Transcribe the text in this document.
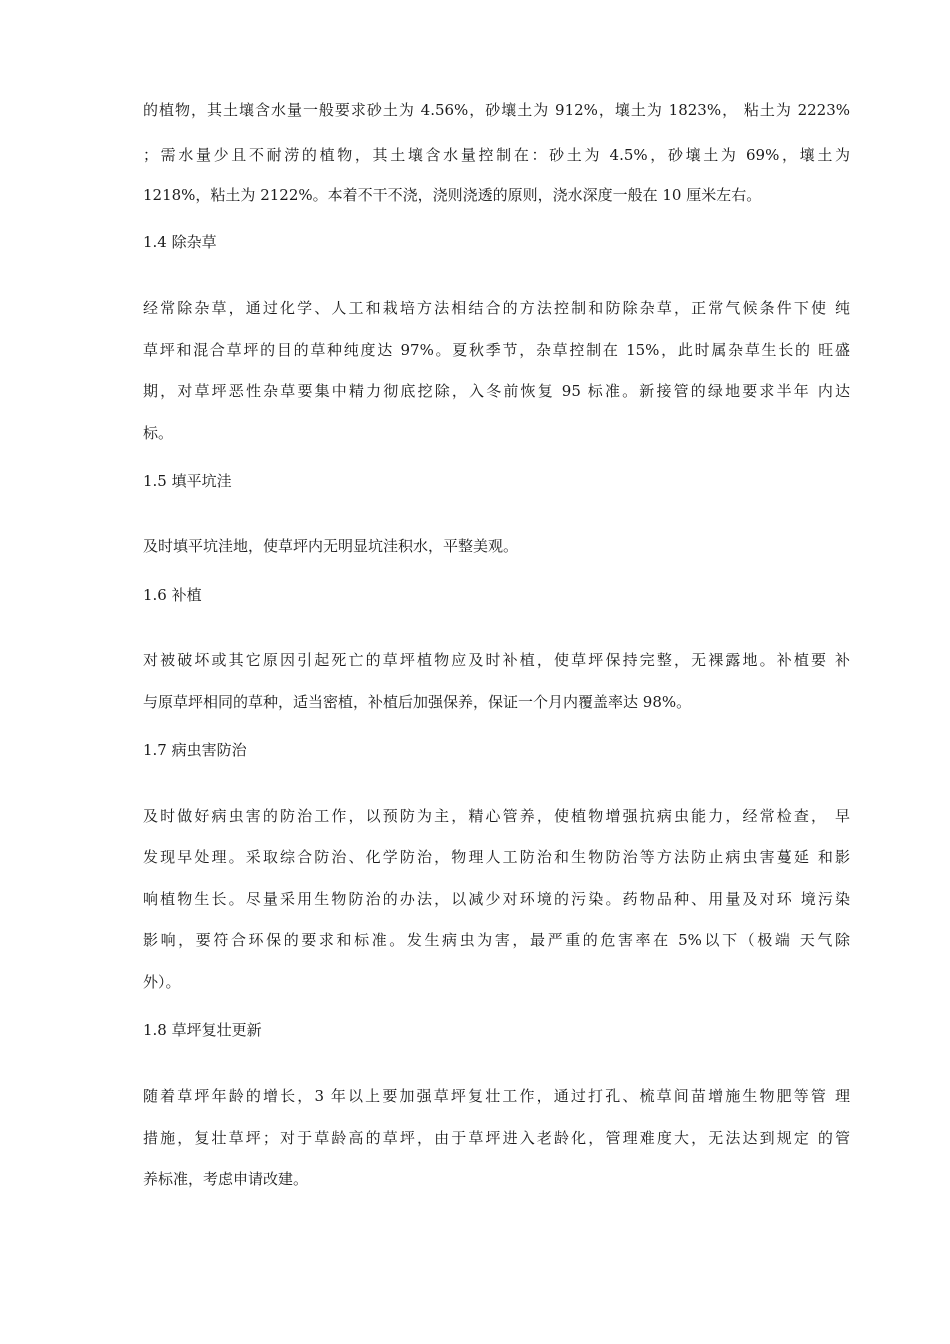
的植物，其土壤含水量一般要求砂土为 4.56%，砂壤土为 912%，壤土为 1823%， 粘土为 2223%
；需水量少且不耐涝的植物，其土壤含水量控制在：砂土为 4.5%，砂壤土为 69%，壤土为
1218%，粘土为 2122%。本着不干不浇，浇则浇透的原则，浇水深度一般在 10 厘米左右。
1.4 除杂草
经常除杂草，通过化学、人工和栽培方法相结合的方法控制和防除杂草，正常气候条件下使 纯
草坪和混合草坪的目的草种纯度达 97%。夏秋季节，杂草控制在 15%，此时属杂草生长的 旺盛
期，对草坪恶性杂草要集中精力彻底挖除，入冬前恢复 95 标准。新接管的绿地要求半年 内达
标。
1.5 填平坑洼
及时填平坑洼地，使草坪内无明显坑洼积水，平整美观。
1.6 补植
对被破坏或其它原因引起死亡的草坪植物应及时补植，使草坪保持完整，无裸露地。补植要 补
与原草坪相同的草种，适当密植，补植后加强保养，保证一个月内覆盖率达 98%。
1.7 病虫害防治
及时做好病虫害的防治工作，以预防为主，精心管养，使植物增强抗病虫能力，经常检查， 早
发现早处理。采取综合防治、化学防治，物理人工防治和生物防治等方法防止病虫害蔓延 和影
响植物生长。尽量采用生物防治的办法，以减少对环境的污染。药物品种、用量及对环 境污染
影响，要符合环保的要求和标准。发生病虫为害，最严重的危害率在 5%以下（极端 天气除
外）。
1.8 草坪复壮更新
随着草坪年龄的增长，3 年以上要加强草坪复壮工作，通过打孔、梳草间苗增施生物肥等管 理
措施，复壮草坪；对于草龄高的草坪，由于草坪进入老龄化，管理难度大，无法达到规定 的管
养标准，考虑申请改建。
